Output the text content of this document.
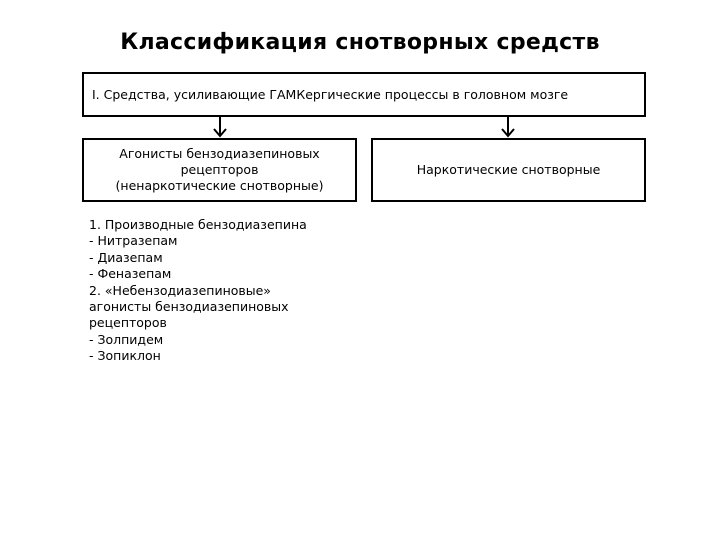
Классификация снотворных средств
I. Средства, усиливающие ГАМКергические процессы в головном мозге
Агонисты бензодиазепиновых
рецепторов
(ненаркотические снотворные)
Наркотические снотворные
1. Производные бензодиазепина
- Нитразепам
- Диазепам
- Феназепам
2. «Небензодиазепиновые»
агонисты бензодиазепиновых
рецепторов
- Золпидем
- Зопиклон
